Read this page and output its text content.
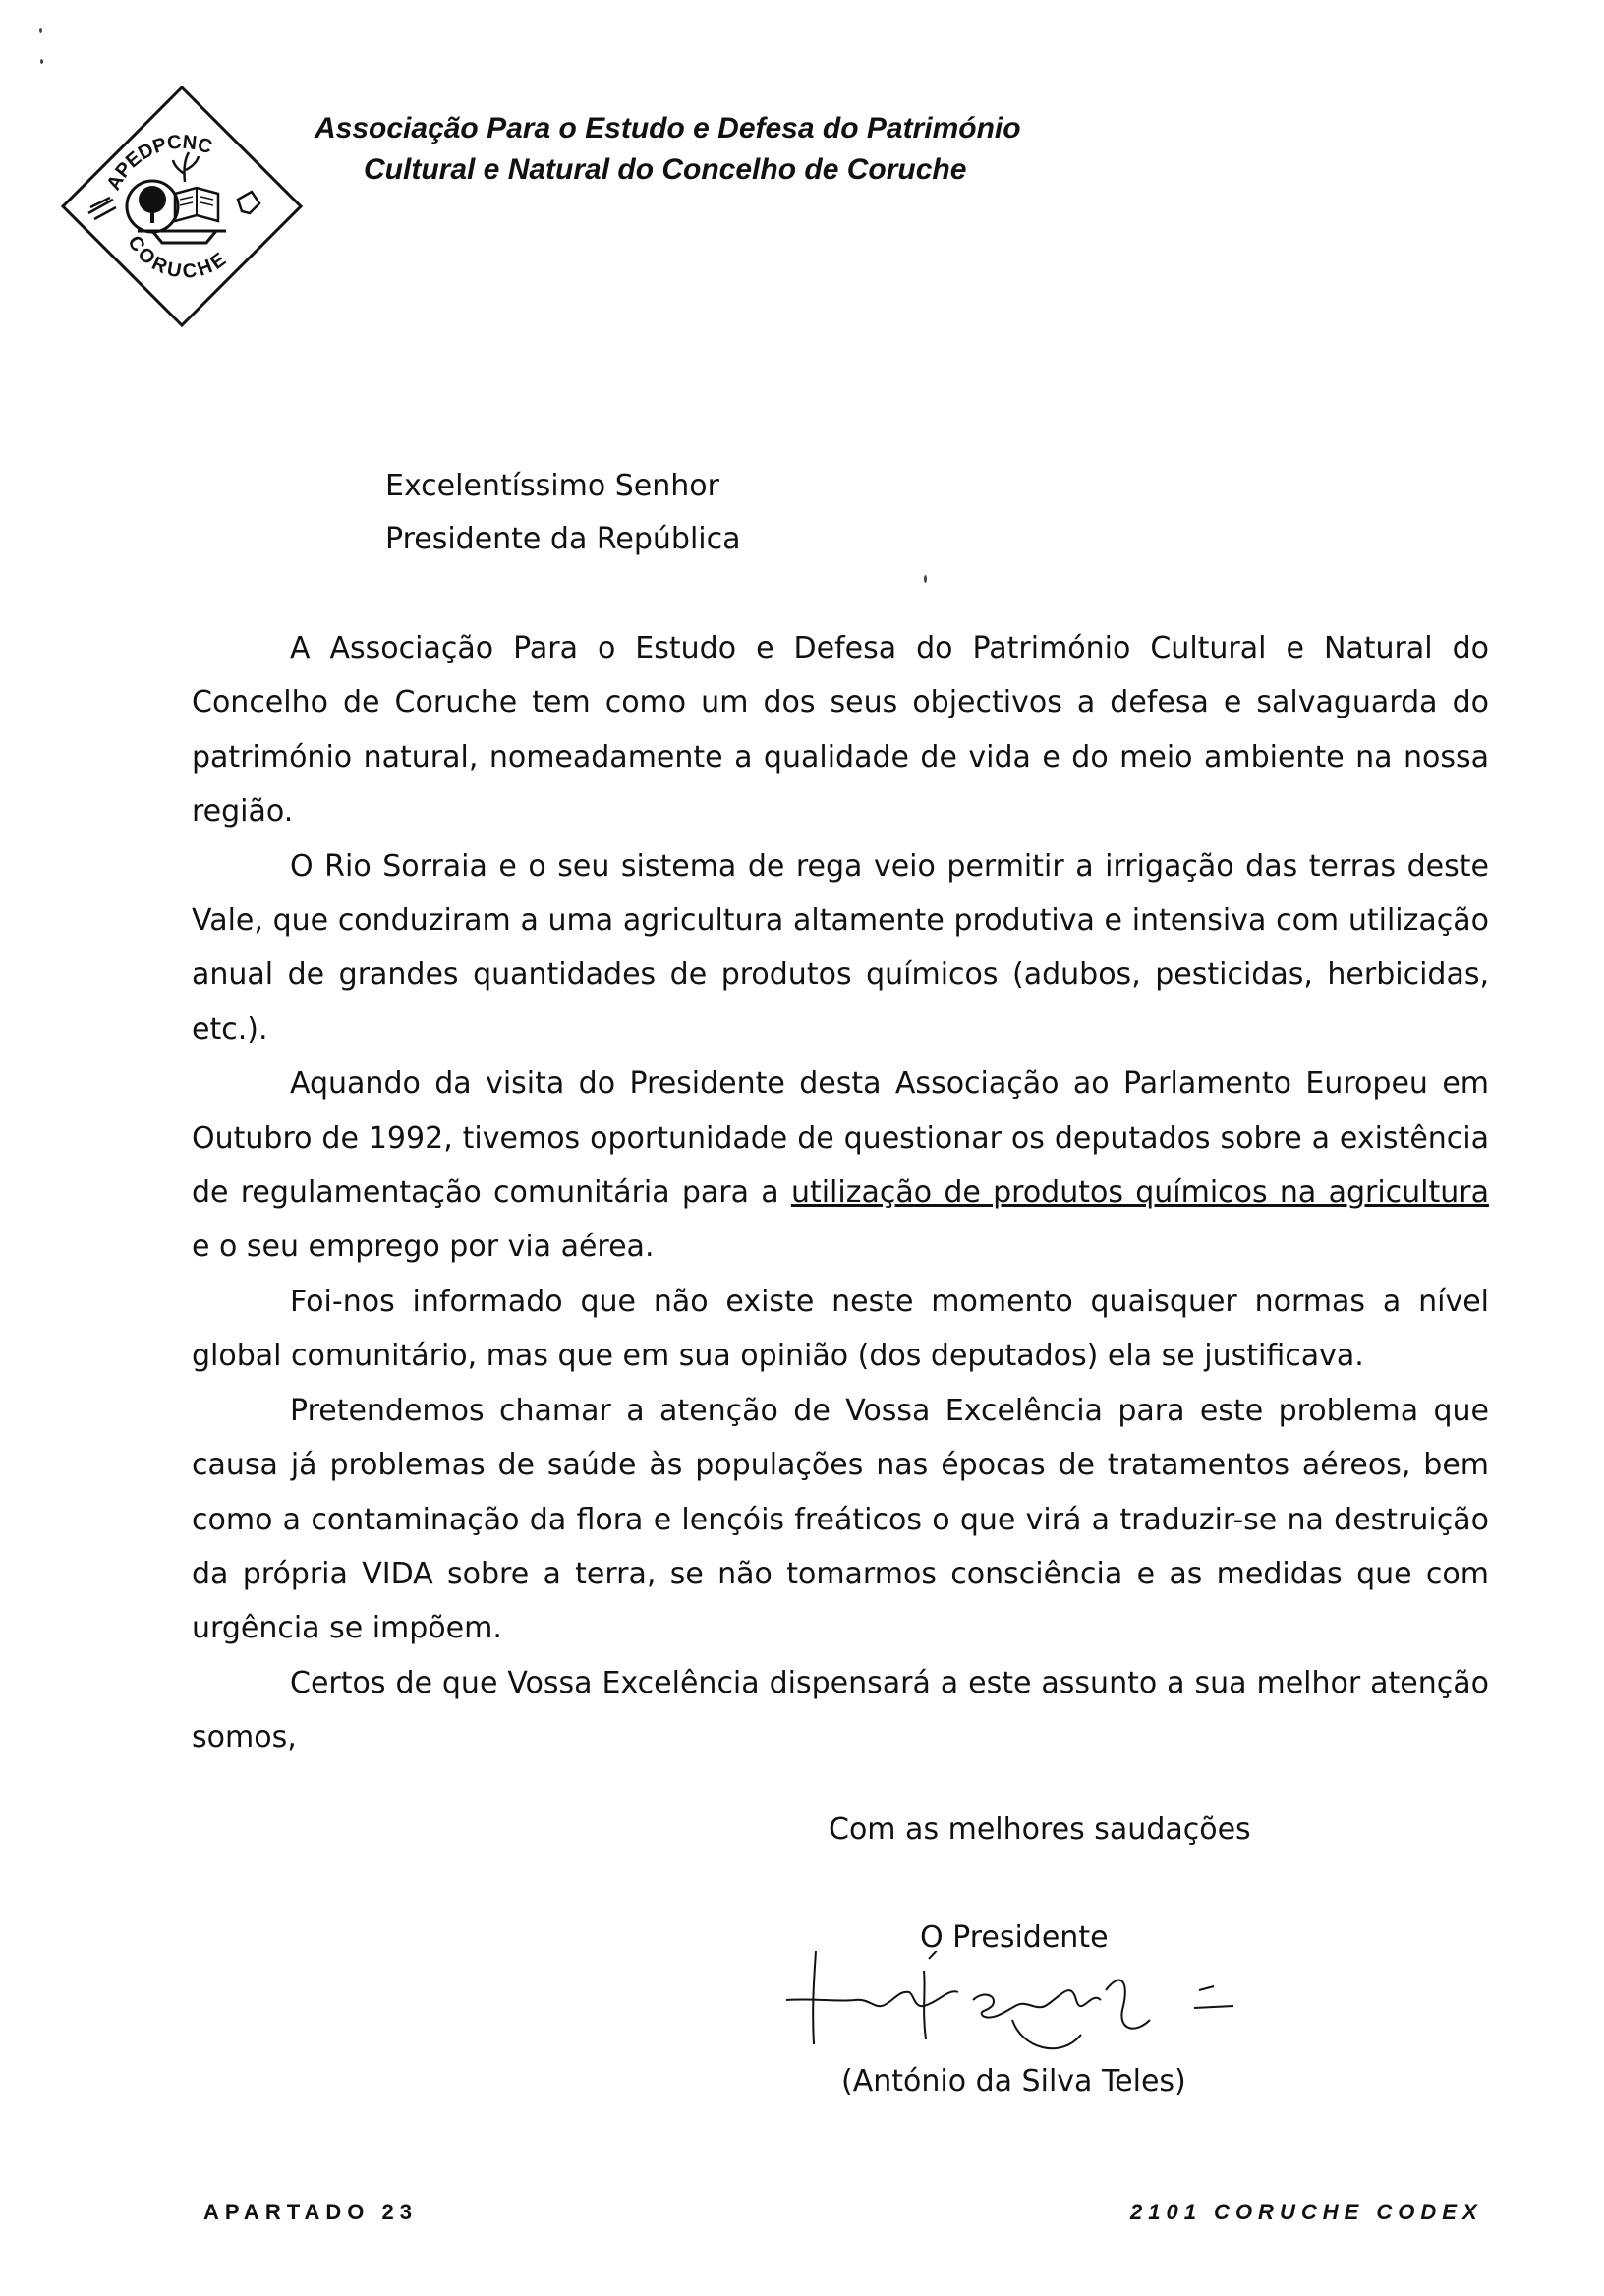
APEDPCNC
CORUCHE

Associação Para o Estudo e Defesa do Património
Cultural e Natural do Concelho de Coruche

Excelentíssimo Senhor
Presidente da República

A Associação Para o Estudo e Defesa do Património Cultural e Natural do Concelho de Coruche tem como um dos seus objectivos a defesa e salvaguarda do património natural, nomeadamente a qualidade de vida e do meio ambiente na nossa região.

O Rio Sorraia e o seu sistema de rega veio permitir a irrigação das terras deste Vale, que conduziram a uma agricultura altamente produtiva e intensiva com utilização anual de grandes quantidades de produtos químicos (adubos, pesticidas, herbicidas, etc.).

Aquando da visita do Presidente desta Associação ao Parlamento Europeu em Outubro de 1992, tivemos oportunidade de questionar os deputados sobre a existência de regulamentação comunitária para a utilização de produtos químicos na agricultura e o seu emprego por via aérea.

Foi-nos informado que não existe neste momento quaisquer normas a nível global comunitário, mas que em sua opinião (dos deputados) ela se justificava.

Pretendemos chamar a atenção de Vossa Excelência para este problema que causa já problemas de saúde às populações nas épocas de tratamentos aéreos, bem como a contaminação da flora e lençóis freáticos o que virá a traduzir-se na destruição da própria VIDA sobre a terra, se não tomarmos consciência e as medidas que com urgência se impõem.

Certos de que Vossa Excelência dispensará a este assunto a sua melhor atenção somos,

Com as melhores saudações

O Presidente

(António da Silva Teles)

APARTADO 23	2101 CORUCHE CODEX
